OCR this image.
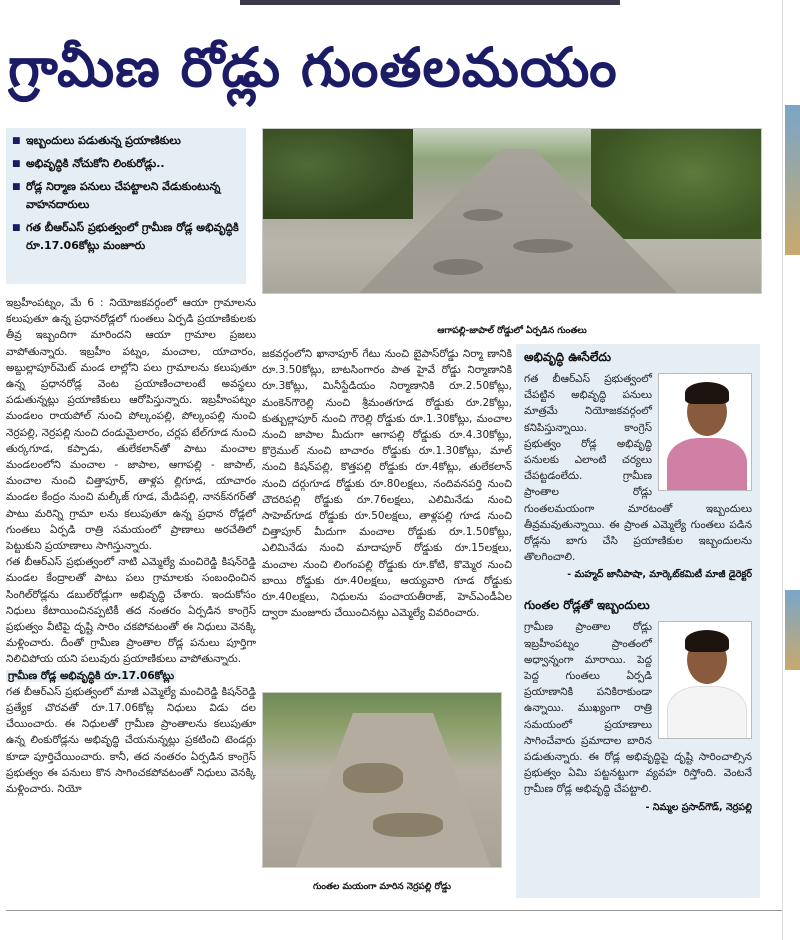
గ్రామీణ రోడ్లు గుంతలమయం
■ ఇబ్బందులు పడుతున్న ప్రయాణికులు
■ అభివృద్ధికి నోచుకోని లింకురోడ్లు..
■ రోడ్ల నిర్మాణ పనులు చేపట్టాలని వేడుకుంటున్న వాహనదారులు
■ గత బీఆర్‌ఎస్‌ ప్రభుత్వంలో గ్రామీణ రోడ్ల అభివృద్ధికి రూ.17.06కోట్లు మంజూరు
ఆగాపల్లి-జాపాల్‌ రోడ్డులో ఏర్పడిన గుంతలు

ఇబ్రహీంపట్నం, మే 6 : నియోజకవర్గంలో ఆయా గ్రామాలను కలుపుతూ ఉన్న ప్రధానరోడ్లలో గుంతలు ఏర్పడి ప్రయాణికులకు తీవ్ర ఇబ్బందిగా మారిందని ఆయా గ్రామాల ప్రజలు వాపోతున్నారు. ఇబ్రహీం పట్నం, మంచాల, యాచారం, అబ్దుల్లాపూర్‌మెట్‌ మండ లాల్లోని పలు గ్రామాలను కలుపుతూ ఉన్న ప్రధానరోడ్ల వెంట ప్రయాణించాలంటే అవస్థలు పడుతున్నట్లు ప్రయాణికులు ఆరోపిస్తున్నారు. ఇబ్రహీంపట్నం మండలం రాయపోల్‌ నుంచి పోల్కంపల్లి, పోల్కంపల్లి నుంచి నెర్రపల్లి, నెర్రపల్లి నుంచి దండుమైలారం, చర్లప టేల్‌గూడ నుంచి తుర్కగూడ, కప్పాడు, తులేకలాన్‌తో పాటు మంచాల మండలంలోని మంచాల - జాపాల, ఆగాపల్లి - జాపాల్‌, మంచాల నుంచి చిత్తాపూర్‌, తాళ్లప ల్లిగూడ, యాచారం మండల కేంద్రం నుంచి మల్కీజ్‌ గూడ, మేడిపల్లి, నానక్‌నగర్‌తో పాటు మరిన్ని గ్రామా లను కలుపుతూ ఉన్న ప్రధాన రోడ్లలో గుంతలు ఏర్పడి రాత్రి సమయంలో ప్రాణాలు అరచేతిలో పెట్టుకుని ప్రయాణాలు సాగిస్తున్నారు.

గత బీఆర్‌ఎస్‌ ప్రభుత్వంలో నాటి ఎమ్మెల్యే మంచిరెడ్డి కిషన్‌రెడ్డి మండల కేంద్రాలతో పాటు పలు గ్రామాలకు సంబంధించిన సింగిల్‌రోడ్లను డబుల్‌రోడ్లుగా అభివృద్ధి చేశారు. ఇందుకోసం నిధులు కేటాయించినప్పటికీ తద నంతరం ఏర్పడిన కాంగ్రెస్‌ ప్రభుత్వం వీటిపై దృష్టి సారిం చకపోవటంతో ఈ నిధులు వెనక్కి మళ్లించారు. దీంతో గ్రామీణ ప్రాంతాల రోడ్ల పనులు పూర్తిగా నిలిచిపోయ యని పలువురు ప్రయాణికులు వాపోతున్నారు.

గ్రామీణ రోడ్ల అభివృద్ధికి రూ.17.06కోట్లు

గత బీఆర్‌ఎస్‌ ప్రభుత్వంలో మాజీ ఎమ్మెల్యే మంచిరెడ్డి కిషన్‌రెడ్డి ప్రత్యేక చొరవతో రూ.17.06కోట్ల నిధులు విడు దల చేయించారు. ఈ నిధులతో గ్రామీణ ప్రాంతాలను కలుపుతూ ఉన్న లింకురోడ్లను అభివృద్ధి చేయనున్నట్లు ప్రకటించి టెండర్లు కూడా పూర్తిచేయించారు. కానీ, తద నంతరం ఏర్పడిన కాంగ్రెస్‌ ప్రభుత్వం ఈ పనులు కొన సాగించకపోవటంతో నిధులు వెనక్కి మళ్లించారు. నియో

జకవర్గంలోని ఖానాపూర్‌ గేటు నుంచి బైపాస్‌రోడ్డు నిర్మా ణానికి రూ.3.50కోట్లు, బాటసింగారం పాత హైవే రోడ్డు నిర్మాణానికి రూ.3కోట్లు, మినీస్టేడియం నిర్మాణానికి రూ.2.50కోట్లు, మంకెన్‌గౌరెల్లి నుంచి శ్రీమంతగూడ రోడ్డుకు రూ.2కోట్లు, కుత్బుల్లాపూర్‌ నుంచి గౌరెల్లి రోడ్డుకు రూ.1.30కోట్లు, మంచాల నుంచి జాపాల మీదుగా ఆగాపల్లి రోడ్డుకు రూ.4.30కోట్లు, కొర్రెముల్‌ నుంచి బాచారం రోడ్డుకు రూ.1.30కోట్లు, మాల్‌ నుంచి కిషన్‌పల్లి, కొత్తపల్లి రోడ్డుకు రూ.4కోట్లు, తులేకలాన్‌ నుంచి దర్గుగూడ రోడ్డుకు రూ.80లక్షలు, నందివనపర్తి నుంచి చౌదరిపల్లి రోడ్డుకు రూ.76లక్షలు, ఎలిమినేడు నుంచి సాహెబ్‌గూడ రోడ్డుకు రూ.50లక్షలు, తాళ్లపల్లి గూడ నుంచి చిత్తాపూర్‌ మీదుగా మంచాల రోడ్డుకు రూ.1.50కోట్లు, ఎలిమినేడు నుంచి మాదాపూర్‌ రోడ్డుకు రూ.15లక్షలు, మంచాల నుంచి లింగంపల్లి రోడ్డుకు రూ.కోటి, కొమ్మెర నుంచి బాయి రోడ్డుకు రూ.40లక్షలు, ఆయ్యవారి గూడ రోడ్డుకు రూ.40లక్షలు, నిధులను పంచాయతీరాజ్‌, హెచ్‌ఎండీఏల ద్వారా మంజూరు చేయించినట్లు ఎమ్మెల్యే వివరించారు.

గుంతల మయంగా మారిన నెర్రపల్లి రోడ్డు
అభివృద్ధి ఊసేలేదు

గత బీఆర్‌ఎస్‌ ప్రభుత్వంలో చేపట్టిన అభివృద్ధి పనులు మాత్రమే నియోజకవర్గంలో కనిపిస్తున్నాయి. కాంగ్రెస్‌ ప్రభుత్వం రోడ్ల అభివృద్ధి పనులకు ఎలాంటి చర్యలు చేపట్టడంలేదు. గ్రామీణ ప్రాంతాల రోడ్లు గుంతలమయంగా మారటంతో ఇబ్బందులు తీవ్రమవుతున్నాయి. ఈ ప్రాంత ఎమ్మెల్యే గుంతలు పడిన రోడ్లను బాగు చేసి ప్రయాణికుల ఇబ్బందులను తొలగించాలి.

- మహ్మద్‌ జానీపాషా, మార్కెట్‌కమిటీ మాజీ డైరెక్టర్‌

గుంతల రోడ్లతో ఇబ్బందులు

గ్రామీణ ప్రాంతాల రోడ్లు ఇబ్రహీంపట్నం ప్రాంతంలో అధ్వాన్నంగా మారాయి. పెద్ద పెద్ద గుంతలు ఏర్పడి ప్రయాణానికి పనికిరాకుండా ఉన్నాయి. ముఖ్యంగా రాత్రి సమయంలో ప్రయాణాలు సాగించేవారు ప్రమాదాల బారిన పడుతున్నారు. ఈ రోడ్ల అభివృద్ధిపై దృష్టి సారించాల్సిన ప్రభుత్వం ఏమి పట్టనట్టుగా వ్యవహ రిస్తోంది. వెంటనే గ్రామీణ రోడ్ల అభివృద్ధి చేపట్టాలి.

- నిమ్మల ప్రసాద్‌గౌడ్‌, నెర్రపల్లి
